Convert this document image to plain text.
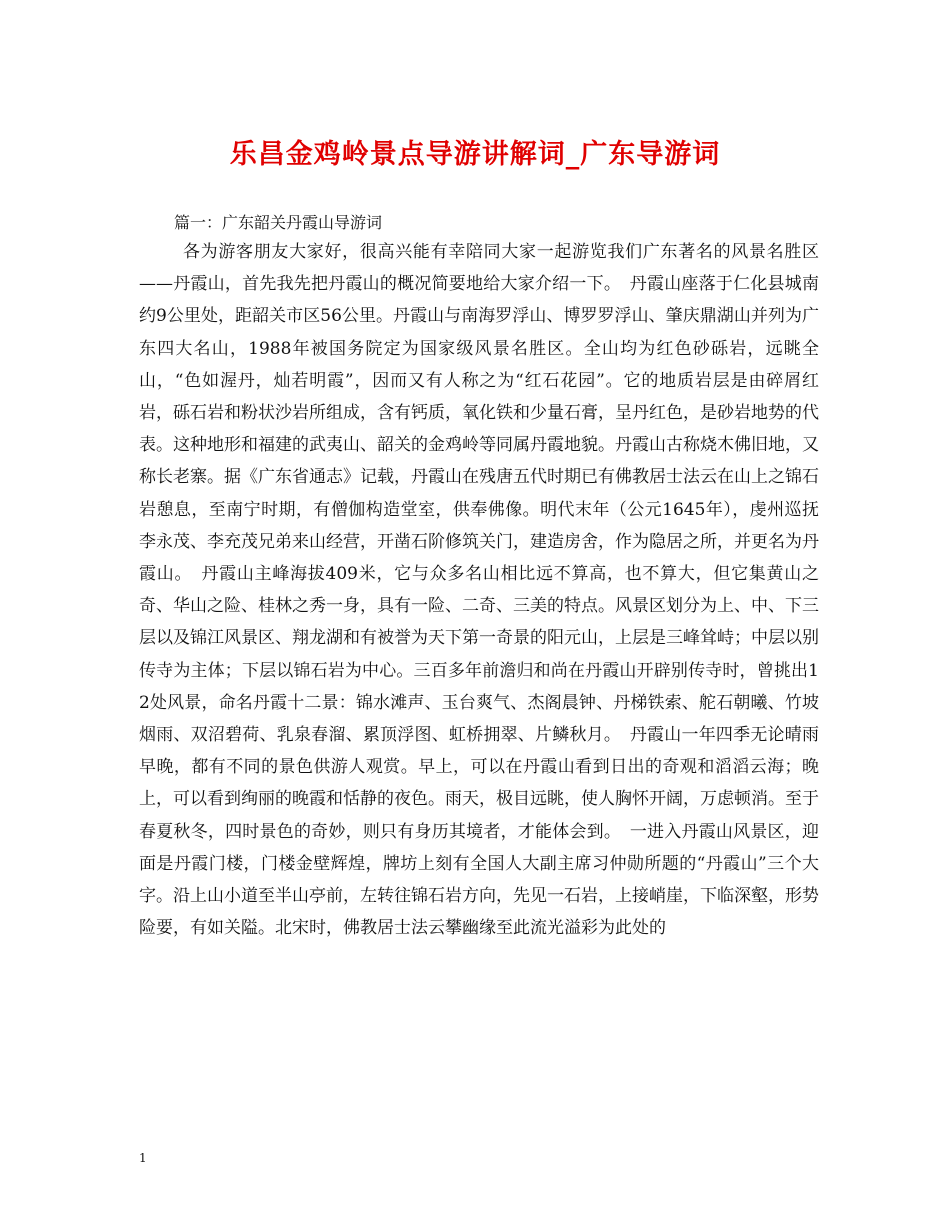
乐昌金鸡岭景点导游讲解词_广东导游词

篇一：广东韶关丹霞山导游词

各为游客朋友大家好，很高兴能有幸陪同大家一起游览我们广东著名的风景名胜区——丹霞山，首先我先把丹霞山的概况简要地给大家介绍一下。　丹霞山座落于仁化县城南约9公里处，距韶关市区56公里。丹霞山与南海罗浮山、博罗罗浮山、肇庆鼎湖山并列为广东四大名山，1988年被国务院定为国家级风景名胜区。全山均为红色砂砾岩，远眺全山，“色如渥丹，灿若明霞”，因而又有人称之为“红石花园”。它的地质岩层是由碎屑红岩，砾石岩和粉状沙岩所组成，含有钙质，氧化铁和少量石膏，呈丹红色，是砂岩地势的代表。这种地形和福建的武夷山、韶关的金鸡岭等同属丹霞地貌。丹霞山古称烧木佛旧地，又称长老寨。据《广东省通志》记载，丹霞山在残唐五代时期已有佛教居士法云在山上之锦石岩憩息，至南宁时期，有僧伽构造堂室，供奉佛像。明代末年（公元1645年），虔州巡抚李永茂、李充茂兄弟来山经营，开凿石阶修筑关门，建造房舍，作为隐居之所，并更名为丹霞山。　丹霞山主峰海拔409米，它与众多名山相比远不算高，也不算大，但它集黄山之奇、华山之险、桂林之秀一身，具有一险、二奇、三美的特点。风景区划分为上、中、下三层以及锦江风景区、翔龙湖和有被誉为天下第一奇景的阳元山，上层是三峰耸峙；中层以别传寺为主体；下层以锦石岩为中心。三百多年前澹归和尚在丹霞山开辟别传寺时，曾挑出12处风景，命名丹霞十二景：锦水滩声、玉台爽气、杰阁晨钟、丹梯铁索、舵石朝曦、竹坡烟雨、双沼碧荷、乳泉春溜、累顶浮图、虹桥拥翠、片鳞秋月。　丹霞山一年四季无论晴雨早晚，都有不同的景色供游人观赏。早上，可以在丹霞山看到日出的奇观和滔滔云海；晚上，可以看到绚丽的晚霞和恬静的夜色。雨天，极目远眺，使人胸怀开阔，万虑顿消。至于春夏秋冬，四时景色的奇妙，则只有身历其境者，才能体会到。　一进入丹霞山风景区，迎面是丹霞门楼，门楼金壁辉煌，牌坊上刻有全国人大副主席习仲勋所题的“丹霞山”三个大字。沿上山小道至半山亭前，左转往锦石岩方向，先见一石岩，上接峭崖，下临深壑，形势险要，有如关隘。北宋时，佛教居士法云攀幽缘至此流光溢彩为此处的

1
